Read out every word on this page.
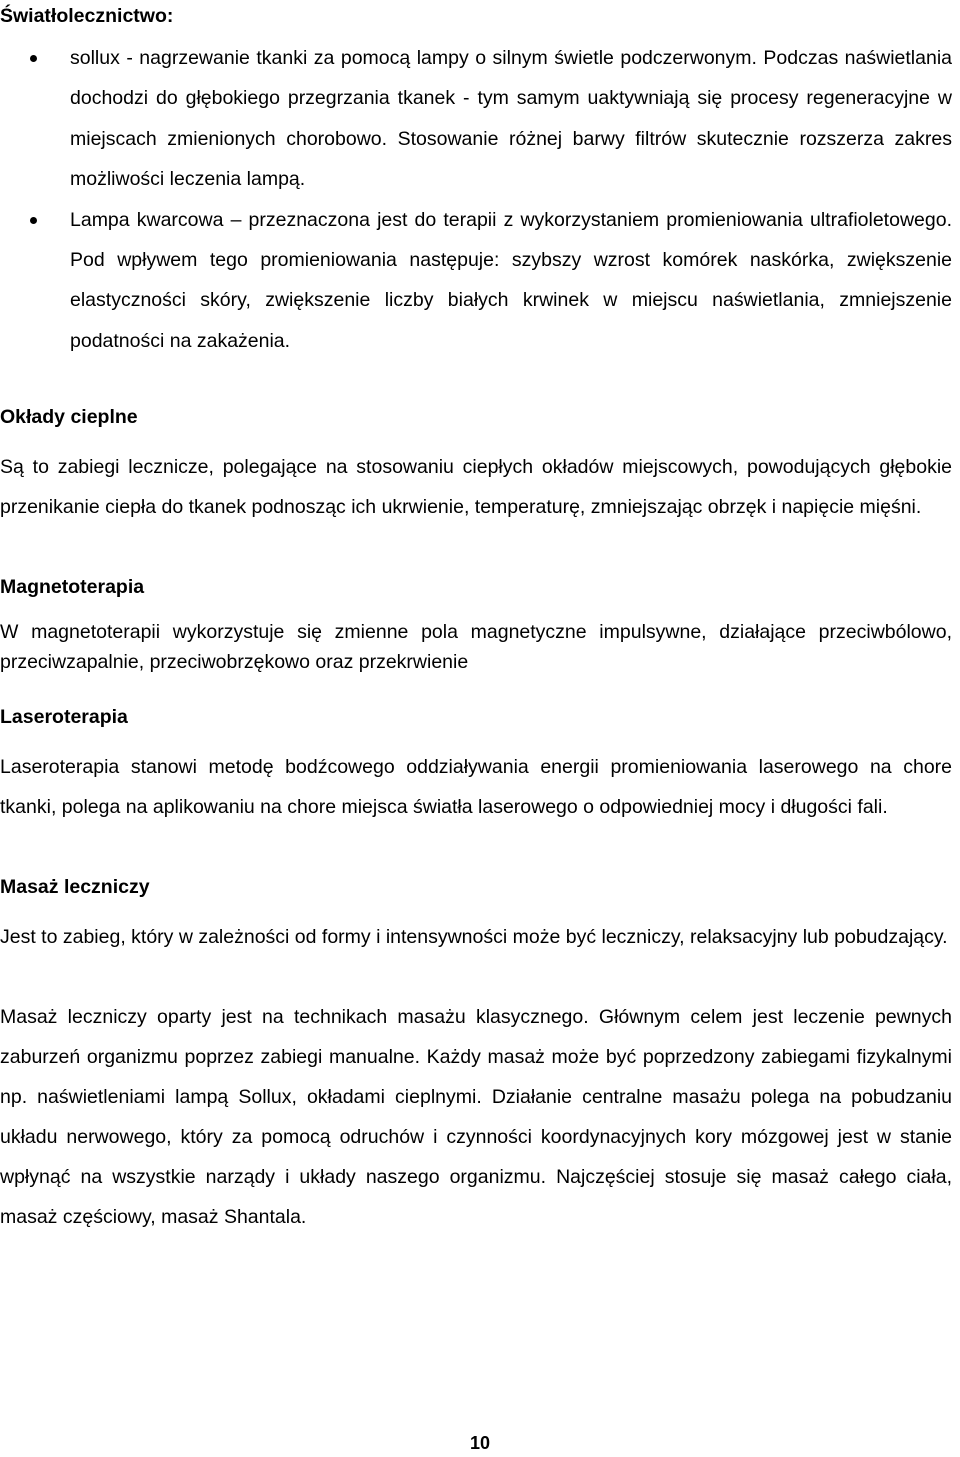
Światłolecznictwo:
sollux - nagrzewanie tkanki za pomocą lampy o silnym świetle podczerwonym. Podczas naświetlania dochodzi do głębokiego przegrzania tkanek - tym samym uaktywniają się procesy regeneracyjne w miejscach zmienionych chorobowo. Stosowanie różnej barwy filtrów skutecznie rozszerza zakres możliwości leczenia lampą.
Lampa kwarcowa – przeznaczona jest do terapii z wykorzystaniem promieniowania ultrafioletowego. Pod wpływem tego promieniowania następuje: szybszy wzrost komórek naskórka, zwiększenie elastyczności skóry, zwiększenie liczby białych krwinek w miejscu naświetlania, zmniejszenie podatności na zakażenia.
Okłady cieplne

Są to zabiegi lecznicze, polegające na stosowaniu ciepłych okładów miejscowych, powodujących głębokie przenikanie ciepła do tkanek podnosząc ich ukrwienie, temperaturę, zmniejszając obrzęk i napięcie mięśni.

Magnetoterapia

W magnetoterapii wykorzystuje się zmienne pola magnetyczne impulsywne, działające przeciwbólowo, przeciwzapalnie, przeciwobrzękowo oraz przekrwienie

Laseroterapia

Laseroterapia stanowi metodę bodźcowego oddziaływania energii promieniowania laserowego na chore tkanki, polega na aplikowaniu na chore miejsca światła laserowego o odpowiedniej mocy i długości fali.

Masaż leczniczy

Jest to zabieg, który w zależności od formy i intensywności może być leczniczy, relaksacyjny lub pobudzający.

Masaż leczniczy oparty jest na technikach masażu klasycznego. Głównym celem jest leczenie pewnych zaburzeń organizmu poprzez zabiegi manualne. Każdy masaż może być poprzedzony zabiegami fizykalnymi np. naświetleniami lampą Sollux, okładami cieplnymi. Działanie centralne masażu polega na pobudzaniu układu nerwowego, który za pomocą odruchów i czynności koordynacyjnych kory mózgowej jest w stanie wpłynąć na wszystkie narządy i układy naszego organizmu. Najczęściej stosuje się masaż całego ciała, masaż częściowy, masaż Shantala.

10
